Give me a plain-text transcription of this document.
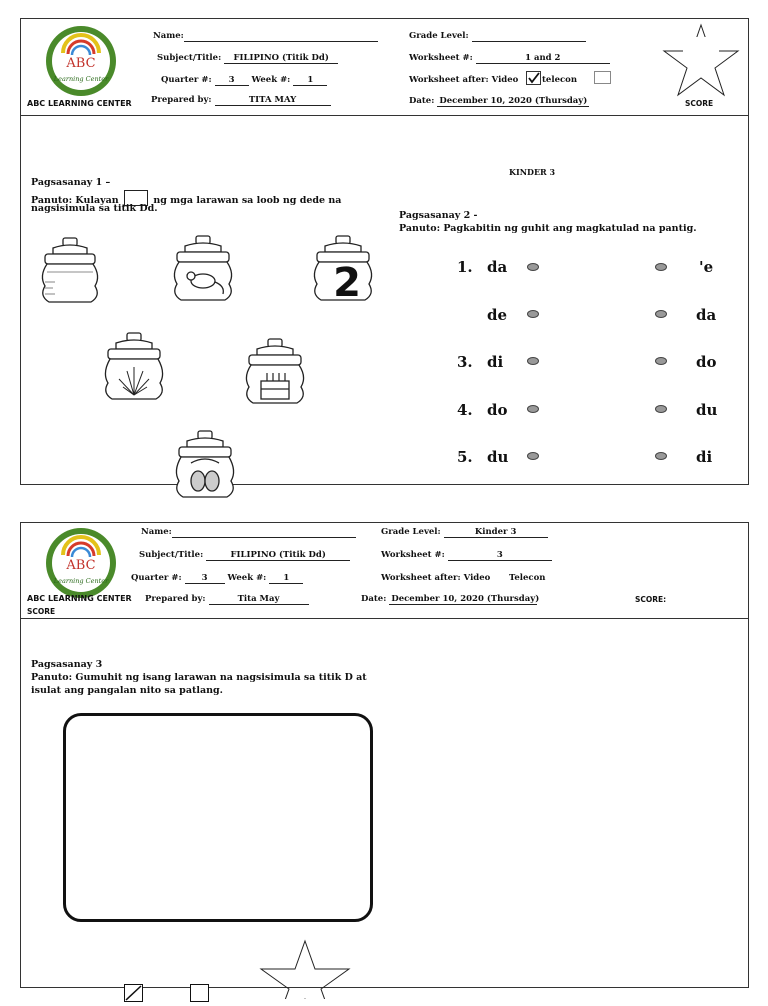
ABC
Learning Center
ABC LEARNING CENTER
Name:
Subject/Title: FILIPINO (Titik Dd)
Quarter #: 3 Week #: 1
Prepared by:	TITA MAY
Grade Level:
Worksheet #:	1 and 2
Worksheet after: Video	telecon
Date: December 10, 2020 (Thursday)	SCORE
KINDER 3
Pagsasanay 1 –
Panuto: Kulayan	ng mga larawan sa loob ng dede na
nagsisimula sa titik Dd.
2
Pagsasanay 2 -
Panuto: Pagkabitin ng guhit ang magkatulad na pantig.
1. da	'e
de	da
3. di	do
4. do	du
5. du	di
ABC
Learning Center
ABC LEARNING CENTER
SCORE
Name:
Subject/Title:	FILIPINO (Titik Dd)
Quarter #: 3 Week #: 1
Prepared by:	Tita May
Grade Level:	Kinder 3
Worksheet #:	3
Worksheet after: Video Telecon
Date: December 10, 2020 (Thursday)	SCORE:
Pagsasanay 3
Panuto: Gumuhit ng isang larawan na nagsisimula sa titik D at
isulat ang pangalan nito sa patlang.
